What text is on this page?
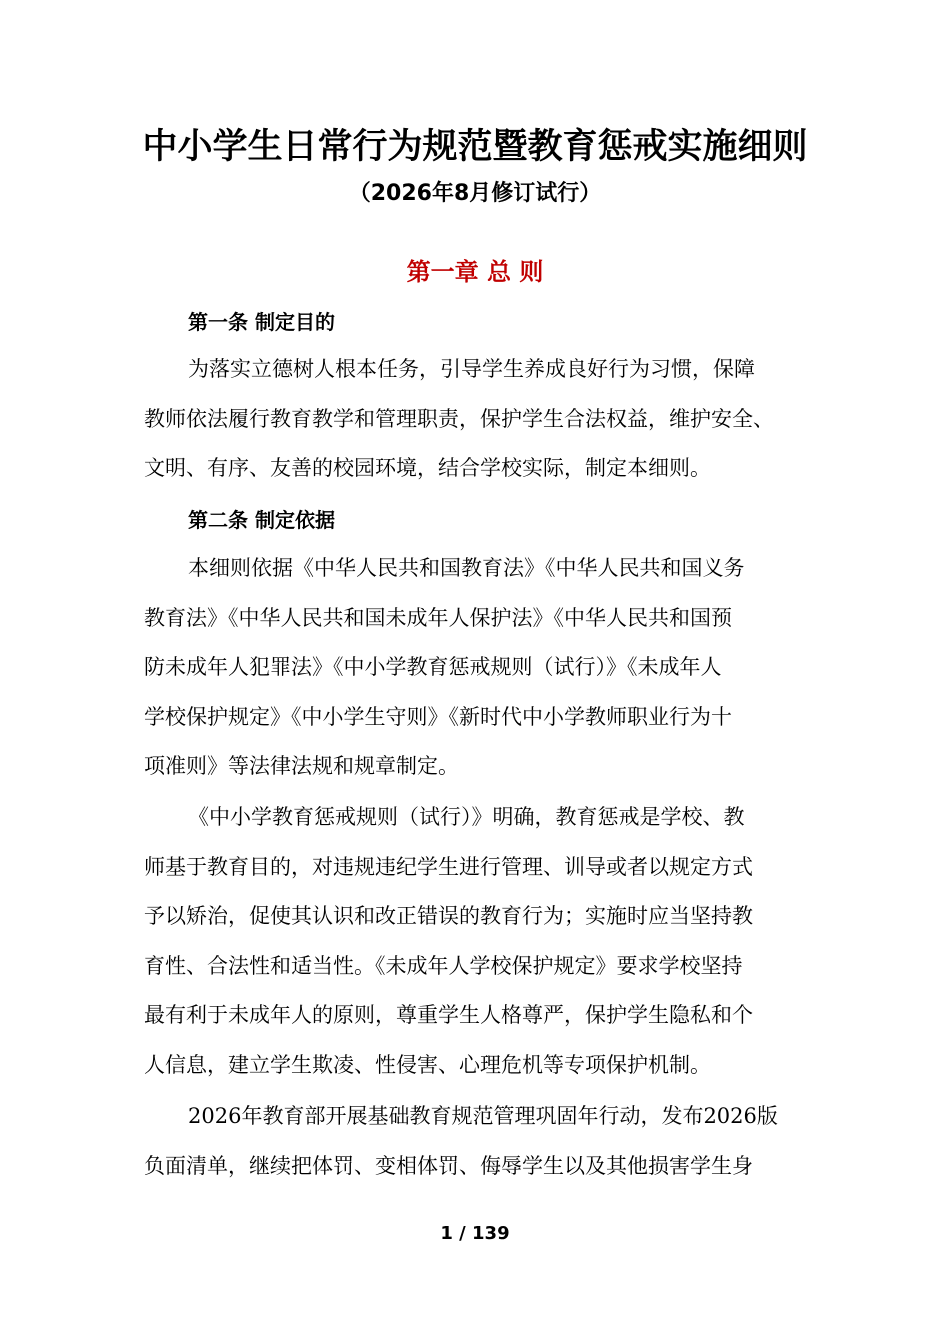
中小学生日常行为规范暨教育惩戒实施细则
（2026年8月修订试行）
第一章 总 则
第一条 制定目的
为落实立德树人根本任务，引导学生养成良好行为习惯，保障
教师依法履行教育教学和管理职责，保护学生合法权益，维护安全、
文明、有序、友善的校园环境，结合学校实际，制定本细则。
第二条 制定依据
本细则依据《中华人民共和国教育法》《中华人民共和国义务
教育法》《中华人民共和国未成年人保护法》《中华人民共和国预
防未成年人犯罪法》《中小学教育惩戒规则（试行）》《未成年人
学校保护规定》《中小学生守则》《新时代中小学教师职业行为十
项准则》等法律法规和规章制定。
《中小学教育惩戒规则（试行）》明确，教育惩戒是学校、教
师基于教育目的，对违规违纪学生进行管理、训导或者以规定方式
予以矫治，促使其认识和改正错误的教育行为；实施时应当坚持教
育性、合法性和适当性。《未成年人学校保护规定》要求学校坚持
最有利于未成年人的原则，尊重学生人格尊严，保护学生隐私和个
人信息，建立学生欺凌、性侵害、心理危机等专项保护机制。
2026年教育部开展基础教育规范管理巩固年行动，发布2026版
负面清单，继续把体罚、变相体罚、侮辱学生以及其他损害学生身
1 / 139
